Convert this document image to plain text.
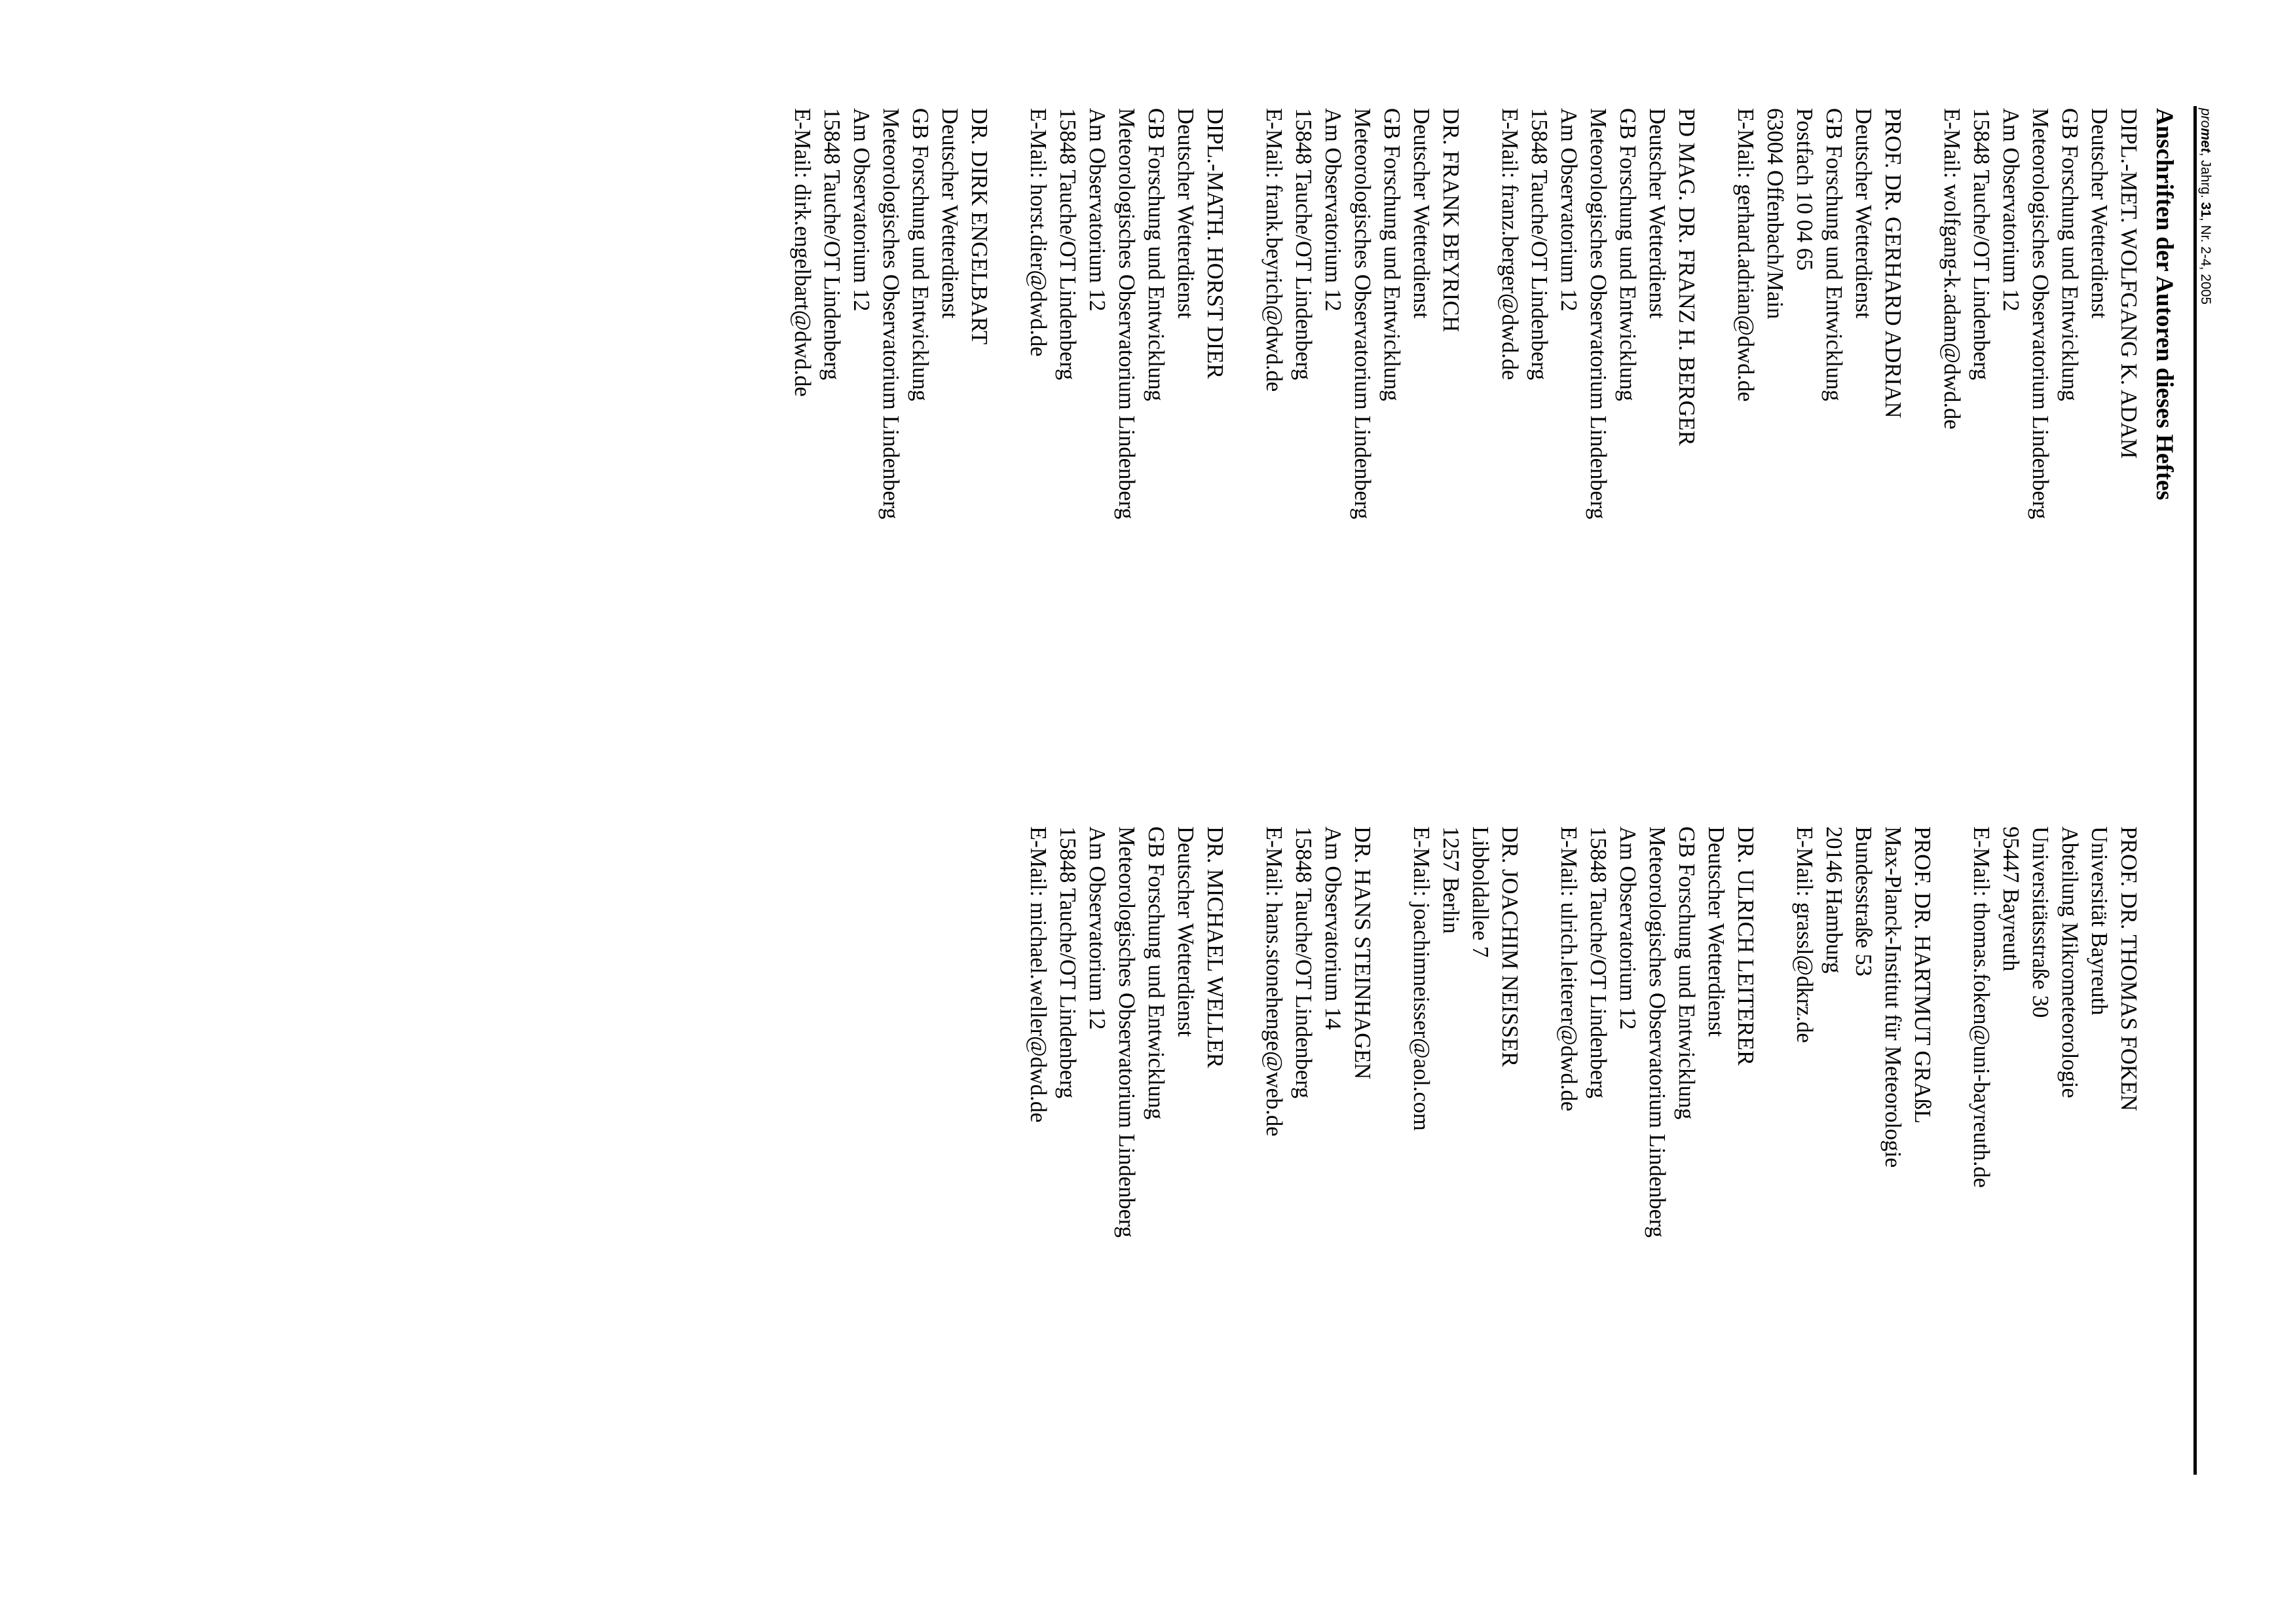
promet, Jahrg. 31, Nr. 2-4, 2005
Anschriften der Autoren dieses Heftes
DIPL.-MET. WOLFGANG K. ADAM
Deutscher Wetterdienst
GB Forschung und Entwicklung
Meteorologisches Observatorium Lindenberg
Am Observatorium 12
15848 Tauche/OT Lindenberg
E-Mail: wolfgang-k.adam@dwd.de
PROF. DR. GERHARD ADRIAN
Deutscher Wetterdienst
GB Forschung und Entwicklung
Postfach 10 04 65
63004 Offenbach/Main
E-Mail: gerhard.adrian@dwd.de
PD MAG. DR. FRANZ H. BERGER
Deutscher Wetterdienst
GB Forschung und Entwicklung
Meteorologisches Observatorium Lindenberg
Am Observatorium 12
15848 Tauche/OT Lindenberg
E-Mail: franz.berger@dwd.de
DR. FRANK BEYRICH
Deutscher Wetterdienst
GB Forschung und Entwicklung
Meteorologisches Observatorium Lindenberg
Am Observatorium 12
15848 Tauche/OT Lindenberg
E-Mail: frank.beyrich@dwd.de
DIPL.-MATH. HORST DIER
Deutscher Wetterdienst
GB Forschung und Entwicklung
Meteorologisches Observatorium Lindenberg
Am Observatorium 12
15848 Tauche/OT Lindenberg
E-Mail: horst.dier@dwd.de
DR. DIRK ENGELBART
Deutscher Wetterdienst
GB Forschung und Entwicklung
Meteorologisches Observatorium Lindenberg
Am Observatorium 12
15848 Tauche/OT Lindenberg
E-Mail: dirk.engelbart@dwd.de
PROF. DR. THOMAS FOKEN
Universität Bayreuth
Abteilung Mikrometeorologie
Universitätsstraße 30
95447 Bayreuth
E-Mail: thomas.foken@uni-bayreuth.de
PROF. DR. HARTMUT GRAßL
Max-Planck-Institut für Meteorologie
Bundesstraße 53
20146 Hamburg
E-Mail: grassl@dkrz.de
DR. ULRICH LEITERER
Deutscher Wetterdienst
GB Forschung und Entwicklung
Meteorologisches Observatorium Lindenberg
Am Observatorium 12
15848 Tauche/OT Lindenberg
E-Mail: ulrich.leiterer@dwd.de
DR. JOACHIM NEISSER
Libboldallee 7
1257 Berlin
E-Mail: joachimneisser@aol.com
DR. HANS STEINHAGEN
Am Observatorium 14
15848 Tauche/OT Lindenberg
E-Mail: hans.stonehenge@web.de
DR. MICHAEL WELLER
Deutscher Wetterdienst
GB Forschung und Entwicklung
Meteorologisches Observatorium Lindenberg
Am Observatorium 12
15848 Tauche/OT Lindenberg
E-Mail: michael.weller@dwd.de
